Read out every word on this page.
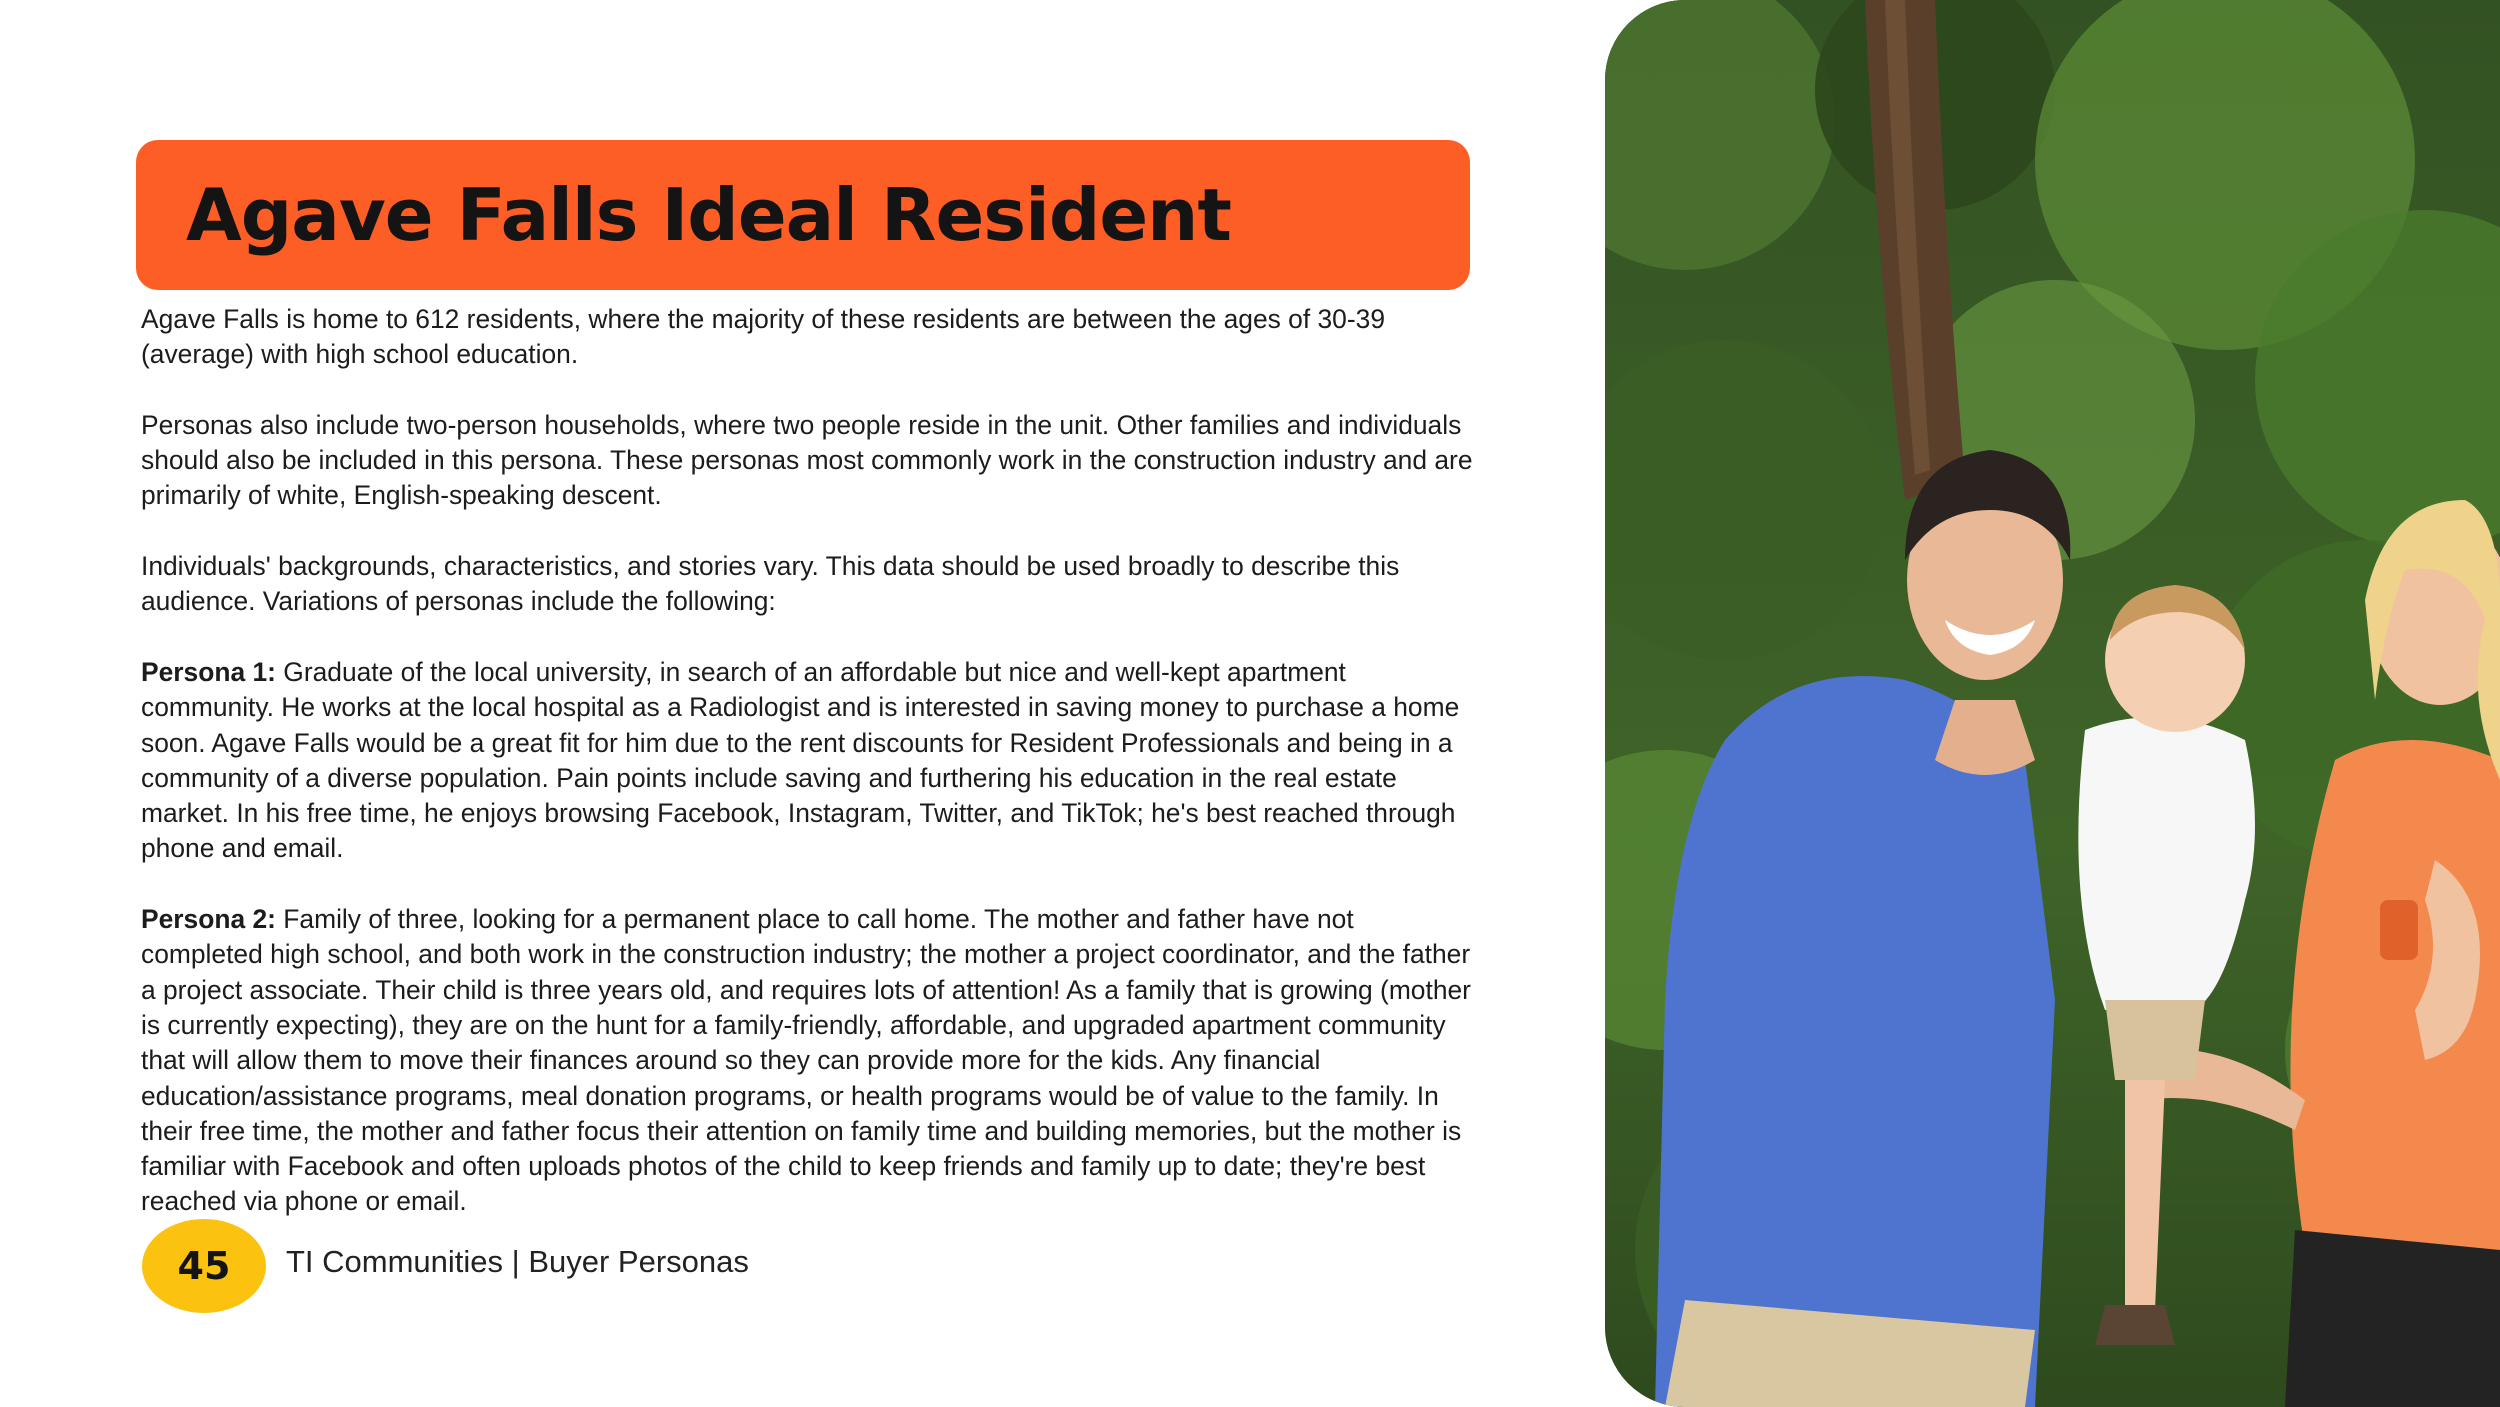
Agave Falls Ideal Resident

Agave Falls is home to 612 residents, where the majority of these residents are between the ages of 30-39 (average) with high school education.

Personas also include two-person households, where two people reside in the unit. Other families and individuals should also be included in this persona. These personas most commonly work in the construction industry and are primarily of white, English-speaking descent.

Individuals' backgrounds, characteristics, and stories vary. This data should be used broadly to describe this audience. Variations of personas include the following:

Persona 1: Graduate of the local university, in search of an affordable but nice and well-kept apartment community. He works at the local hospital as a Radiologist and is interested in saving money to purchase a home soon. Agave Falls would be a great fit for him due to the rent discounts for Resident Professionals and being in a community of a diverse population. Pain points include saving and furthering his education in the real estate market. In his free time, he enjoys browsing Facebook, Instagram, Twitter, and TikTok; he's best reached through phone and email.

Persona 2: Family of three, looking for a permanent place to call home. The mother and father have not completed high school, and both work in the construction industry; the mother a project coordinator, and the father a project associate. Their child is three years old, and requires lots of attention! As a family that is growing (mother is currently expecting), they are on the hunt for a family-friendly, affordable, and upgraded apartment community that will allow them to move their finances around so they can provide more for the kids. Any financial education/assistance programs, meal donation programs, or health programs would be of value to the family. In their free time, the mother and father focus their attention on family time and building memories, but the mother is familiar with Facebook and often uploads photos of the child to keep friends and family up to date; they're best reached via phone or email.

45 TI Communities | Buyer Personas
